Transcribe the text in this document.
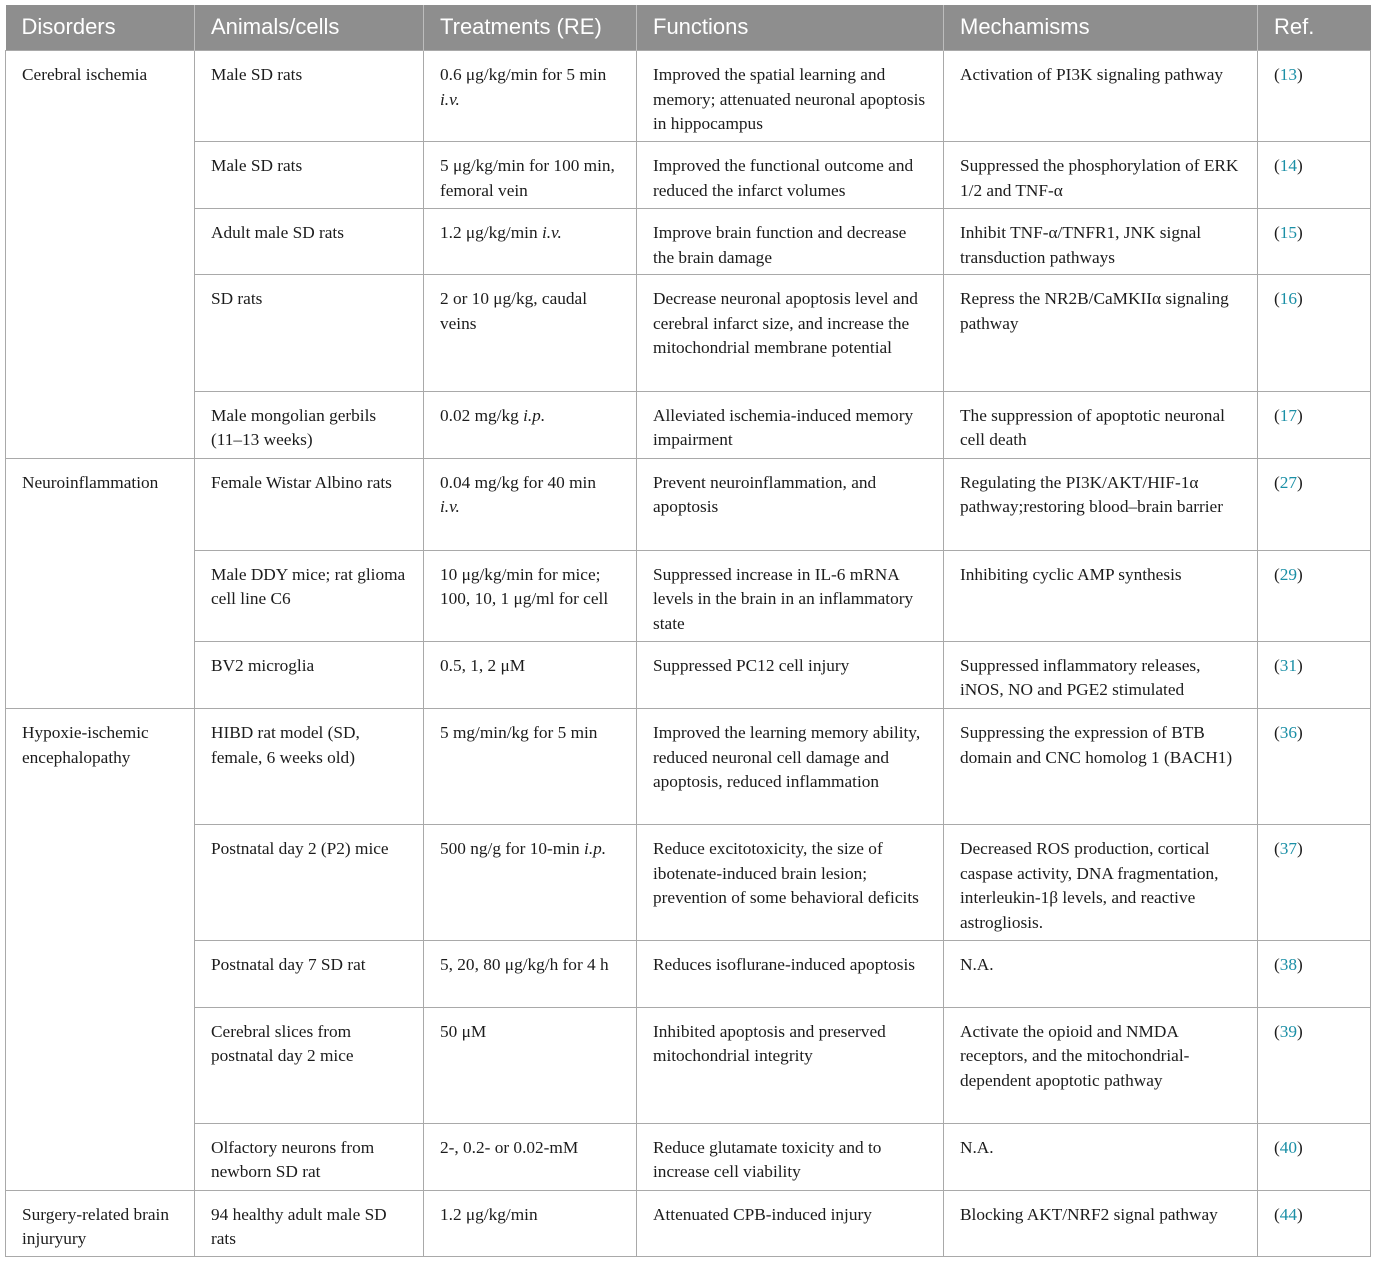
Disorders	Animals/cells	Treatments (RE)	Functions	Mechamisms	Ref.
Cerebral ischemia	Male SD rats	0.6 μg/kg/min for 5 min i.v.	Improved the spatial learning and memory; attenuated neuronal apoptosis in hippocampus	Activation of PI3K signaling pathway	(13)
	Male SD rats	5 μg/kg/min for 100 min, femoral vein	Improved the functional outcome and reduced the infarct volumes	Suppressed the phosphorylation of ERK 1/2 and TNF-α	(14)
	Adult male SD rats	1.2 μg/kg/min i.v.	Improve brain function and decrease the brain damage	Inhibit TNF-α/TNFR1, JNK signal transduction pathways	(15)
	SD rats	2 or 10 μg/kg, caudal veins	Decrease neuronal apoptosis level and cerebral infarct size, and increase the mitochondrial membrane potential	Repress the NR2B/CaMKIIα signaling pathway	(16)
	Male mongolian gerbils (11–13 weeks)	0.02 mg/kg i.p.	Alleviated ischemia-induced memory impairment	The suppression of apoptotic neuronal cell death	(17)
Neuroinflammation	Female Wistar Albino rats	0.04 mg/kg for 40 min i.v.	Prevent neuroinflammation, and apoptosis	Regulating the PI3K/AKT/HIF-1α pathway;restoring blood–brain barrier	(27)
	Male DDY mice; rat glioma cell line C6	10 μg/kg/min for mice; 100, 10, 1 μg/ml for cell	Suppressed increase in IL-6 mRNA levels in the brain in an inflammatory state	Inhibiting cyclic AMP synthesis	(29)
	BV2 microglia	0.5, 1, 2 μM	Suppressed PC12 cell injury	Suppressed inflammatory releases, iNOS, NO and PGE2 stimulated	(31)
Hypoxie-ischemic encephalopathy	HIBD rat model (SD, female, 6 weeks old)	5 mg/min/kg for 5 min	Improved the learning memory ability, reduced neuronal cell damage and apoptosis, reduced inflammation	Suppressing the expression of BTB domain and CNC homolog 1 (BACH1)	(36)
	Postnatal day 2 (P2) mice	500 ng/g for 10-min i.p.	Reduce excitotoxicity, the size of ibotenate-induced brain lesion; prevention of some behavioral deficits	Decreased ROS production, cortical caspase activity, DNA fragmentation, interleukin-1β levels, and reactive astrogliosis.	(37)
	Postnatal day 7 SD rat	5, 20, 80 μg/kg/h for 4 h	Reduces isoflurane-induced apoptosis	N.A.	(38)
	Cerebral slices from postnatal day 2 mice	50 μM	Inhibited apoptosis and preserved mitochondrial integrity	Activate the opioid and NMDA receptors, and the mitochondrial-dependent apoptotic pathway	(39)
	Olfactory neurons from newborn SD rat	2-, 0.2- or 0.02-mM	Reduce glutamate toxicity and to increase cell viability	N.A.	(40)
Surgery-related brain injuryury	94 healthy adult male SD rats	1.2 μg/kg/min	Attenuated CPB-induced injury	Blocking AKT/NRF2 signal pathway	(44)
